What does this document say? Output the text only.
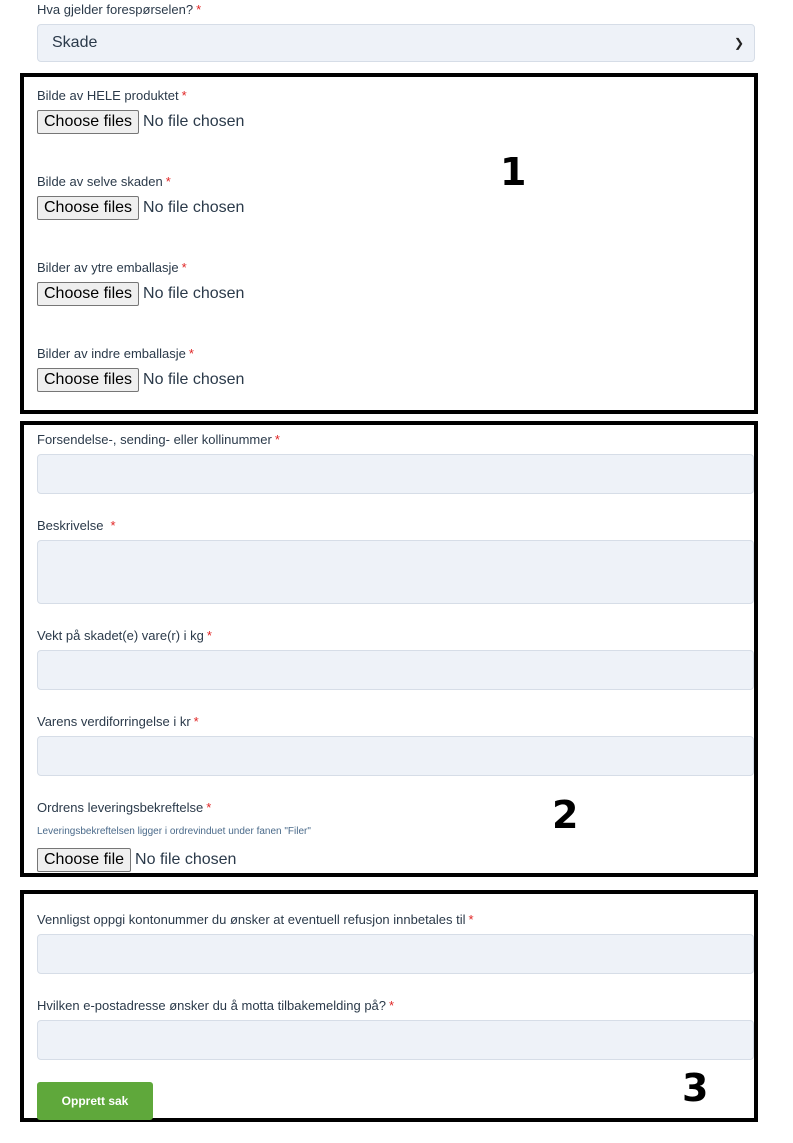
Hva gjelder forespørselen? *
Skade	❯
1
Bilde av HELE produktet *
Choose files No file chosen
Bilde av selve skaden *
Choose files No file chosen
Bilder av ytre emballasje *
Choose files No file chosen
Bilder av indre emballasje *
Choose files No file chosen
2
Forsendelse-, sending- eller kollinummer *
Beskrivelse *
Vekt på skadet(e) vare(r) i kg *
Varens verdiforringelse i kr *
Ordrens leveringsbekreftelse *
Leveringsbekreftelsen ligger i ordrevinduet under fanen "Filer"
Choose file No file chosen
3
Vennligst oppgi kontonummer du ønsker at eventuell refusjon innbetales til *
Hvilken e-postadresse ønsker du å motta tilbakemelding på? *
Opprett sak
